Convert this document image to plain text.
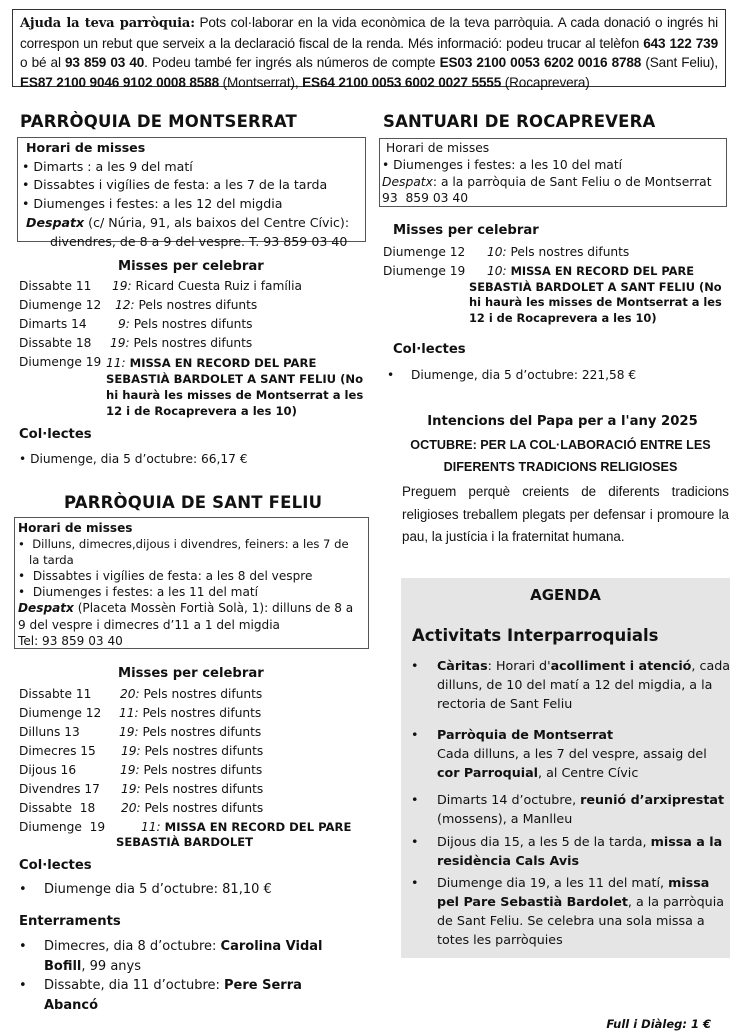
Ajuda la teva parròquia: Pots col·laborar en la vida econòmica de la teva parròquia. A cada donació o ingrés hi correspon un rebut que serveix a la declaració fiscal de la renda. Més informació: podeu trucar al telèfon 643 122 739 o bé al 93 859 03 40. Podeu també fer ingrés als números de compte ES03 2100 0053 6202 0016 8788 (Sant Feliu), ES87 2100 9046 9102 0008 8588 (Montserrat), ES64 2100 0053 6002 0027 5555 (Rocaprevera)
PARRÒQUIA DE MONTSERRAT
Horari de misses
• Dimarts : a les 9 del matí
• Dissabtes i vigílies de festa: a les 7 de la tarda
• Diumenges i festes: a les 12 del migdia
Despatx (c/ Núria, 91, als baixos del Centre Cívic):
divendres, de 8 a 9 del vespre. T. 93 859 03 40
Misses per celebrar
Dissabte 11 19: Ricard Cuesta Ruiz i família
Diumenge 12 12: Pels nostres difunts
Dimarts 14	9: Pels nostres difunts
Dissabte 18 19: Pels nostres difunts
Diumenge 19 11: MISSA EN RECORD DEL PARE SEBASTIÀ BARDOLET A SANT FELIU (No hi haurà les misses de Montserrat a les 12 i de Rocaprevera a les 10)
Col·lectes
• Diumenge, dia 5 d’octubre: 66,17 €
PARRÒQUIA DE SANT FELIU
Horari de misses
•  Dilluns, dimecres,dijous i divendres, feiners: a les 7 de
la tarda
•  Dissabtes i vigílies de festa: a les 8 del vespre
•  Diumenges i festes: a les 11 del matí
Despatx (Placeta Mossèn Fortià Solà, 1): dilluns de 8 a
9 del vespre i dimecres d’11 a 1 del migdia
Tel: 93 859 03 40
Misses per celebrar
Dissabte 11 20: Pels nostres difunts
Diumenge 12 11: Pels nostres difunts
Dilluns 13	19: Pels nostres difunts
Dimecres 15 19: Pels nostres difunts
Dijous 16	19: Pels nostres difunts
Divendres 17 19: Pels nostres difunts
Dissabte  18 20: Pels nostres difunts
Diumenge  19	11: MISSA EN RECORD DEL PARE SEBASTIÀ BARDOLET
Col·lectes
• Diumenge dia 5 d’octubre: 81,10 €
Enterraments
• Dimecres, dia 8 d’octubre: Carolina Vidal Bofill, 99 anys
• Dissabte, dia 11 d’octubre: Pere Serra Abancó
SANTUARI DE ROCAPREVERA
Horari de misses
• Diumenges i festes: a les 10 del matí
Despatx: a la parròquia de Sant Feliu o de Montserrat
93  859 03 40
Misses per celebrar
Diumenge 12 10: Pels nostres difunts
Diumenge 19	10: MISSA EN RECORD DEL PARE SEBASTIÀ BARDOLET A SANT FELIU (No hi haurà les misses de Montserrat a les 12 i de Rocaprevera a les 10)
Col·lectes
• Diumenge, dia 5 d’octubre: 221,58 €
Intencions del Papa per a l'any 2025
OCTUBRE: PER LA COL·LABORACIÓ ENTRE LES
DIFERENTS TRADICIONS RELIGIOSES
Preguem perquè creients de diferents tradicions religioses treballem plegats per defensar i promoure la pau, la justícia i la fraternitat humana.
AGENDA
Activitats Interparroquials
• Càritas: Horari d'acolliment i atenció, cada dilluns, de 10 del matí a 12 del migdia, a la rectoria de Sant Feliu
• Parròquia de Montserrat
Cada dilluns, a les 7 del vespre, assaig del cor Parroquial, al Centre Cívic
• Dimarts 14 d’octubre, reunió d’arxiprestat (mossens), a Manlleu
• Dijous dia 15, a les 5 de la tarda, missa a la residència Cals Avis
• Diumenge dia 19, a les 11 del matí, missa pel Pare Sebastià Bardolet, a la parròquia de Sant Feliu. Se celebra una sola missa a totes les parròquies
Full i Diàleg: 1 €
